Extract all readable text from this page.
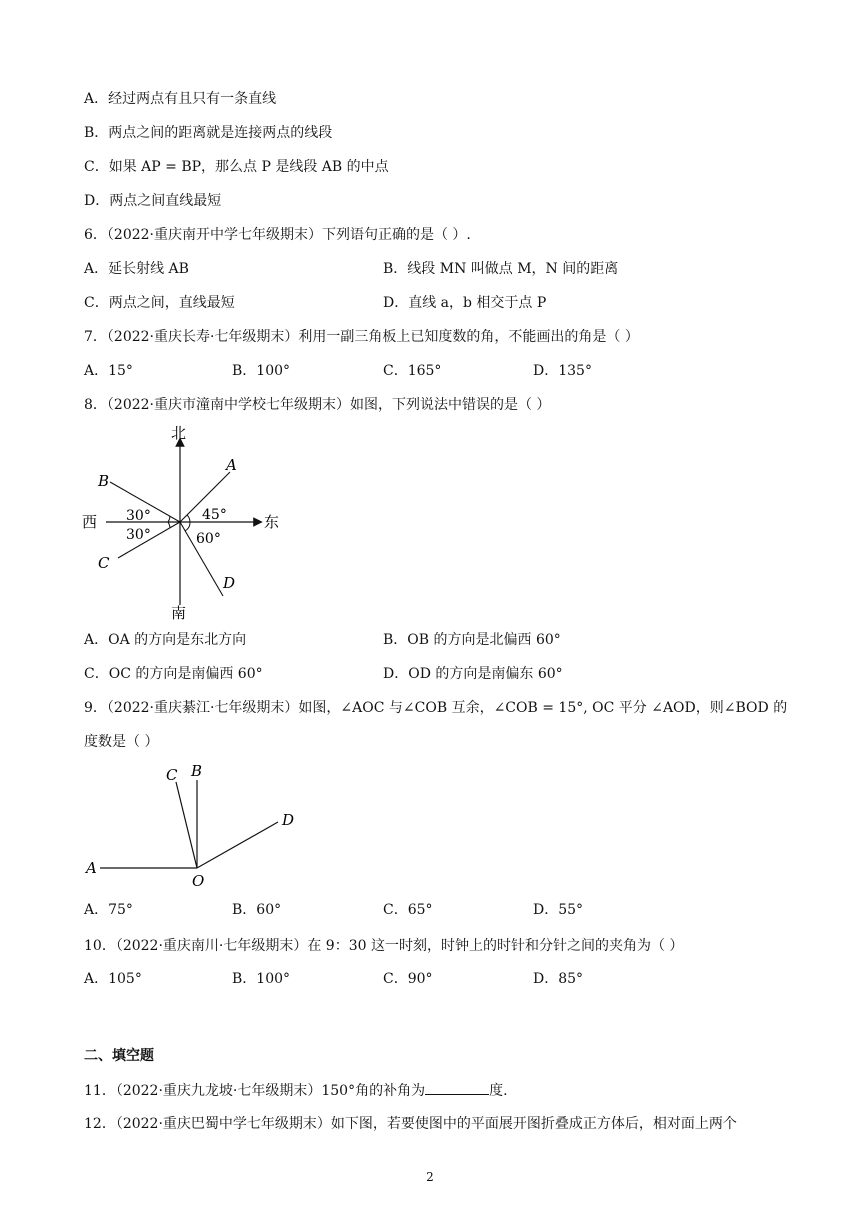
A．经过两点有且只有一条直线
B．两点之间的距离就是连接两点的线段
C．如果 AP = BP，那么点 P 是线段 AB 的中点
D．两点之间直线最短
6．（2022·重庆南开中学七年级期末）下列语句正确的是（ ）.
A．延长射线 AB	B．线段 MN 叫做点 M，N 间的距离
C．两点之间，直线最短	D．直线 a，b 相交于点 P
7．（2022·重庆长寿·七年级期末）利用一副三角板上已知度数的角，不能画出的角是（ ）
A．15°	B．100°	C．165°	D．135°
8．（2022·重庆市潼南中学校七年级期末）如图，下列说法中错误的是（ ）
北
南
东
西
A
B
C
D
30°
30°
45°
60°
A．OA 的方向是东北方向	B．OB 的方向是北偏西 60°
C．OC 的方向是南偏西 60°	D．OD 的方向是南偏东 60°
9．（2022·重庆綦江·七年级期末）如图，∠AOC 与∠COB 互余，∠COB = 15°, OC 平分 ∠AOD，则∠BOD 的
度数是（ ）
A
B
C
D
O
A．75°	B．60°	C．65°	D．55°
10．（2022·重庆南川·七年级期末）在 9：30 这一时刻，时钟上的时针和分针之间的夹角为（ ）
A．105°	B．100°	C．90°	D．85°
二、填空题
11．（2022·重庆九龙坡·七年级期末）150°角的补角为	度.
12．（2022·重庆巴蜀中学七年级期末）如下图，若要使图中的平面展开图折叠成正方体后，相对面上两个
2
